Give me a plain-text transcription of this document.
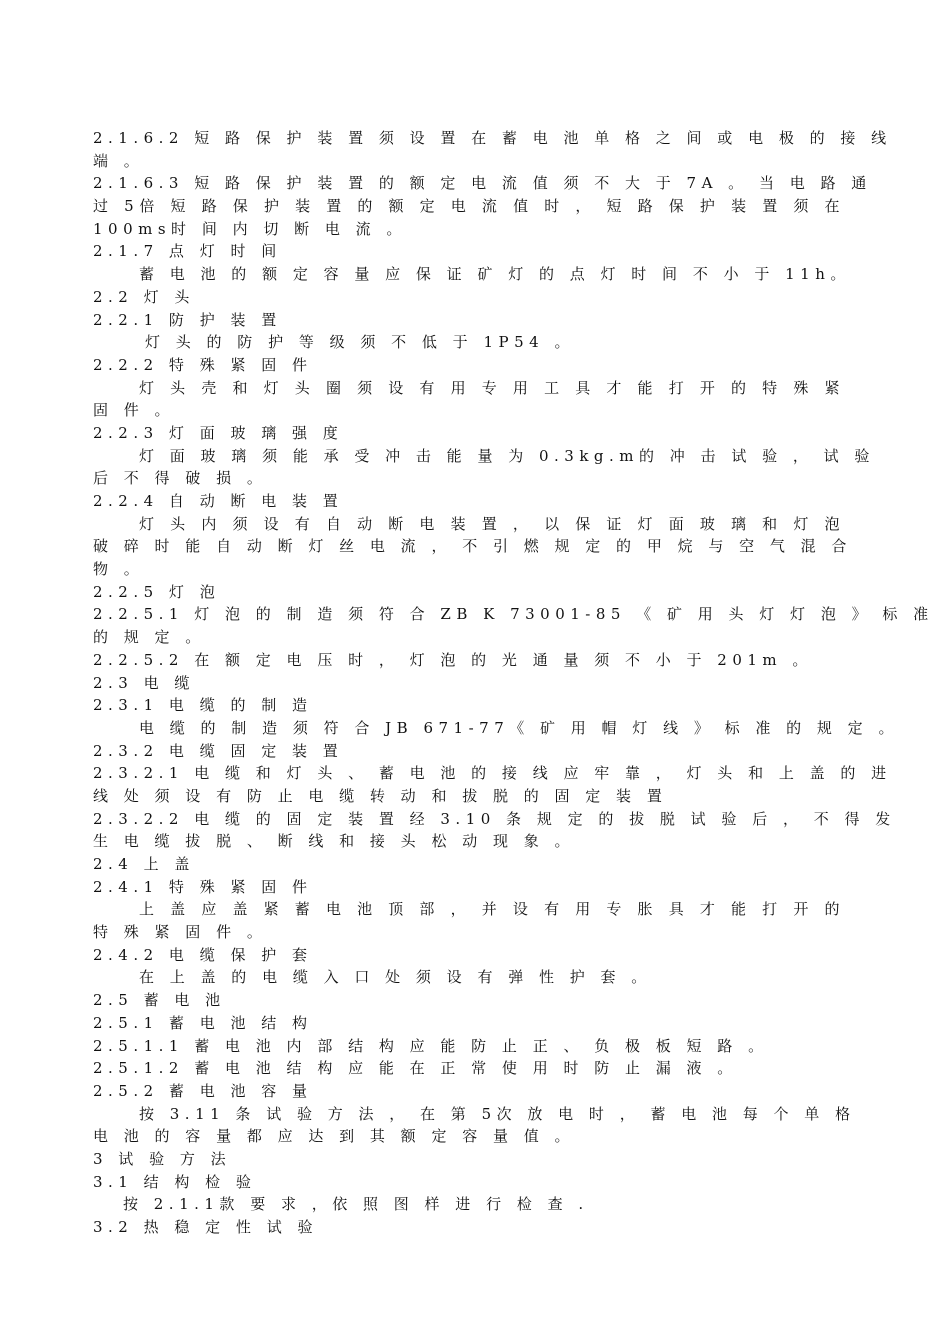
2.1.6.2 短 路 保 护 装 置 须 设 置 在 蓄 电 池 单 格 之 间 或 电 极 的 接 线
端 。
2.1.6.3 短 路 保 护 装 置 的 额 定 电 流 值 须 不 大 于 7A 。 当 电 路 通
过 5倍 短 路 保 护 装 置 的 额 定 电 流 值 时 ， 短 路 保 护 装 置 须 在
100ms时 间 内 切 断 电 流 。
2.1.7 点 灯 时 间
蓄 电 池 的 额 定 容 量 应 保 证 矿 灯 的 点 灯 时 间 不 小 于 11h。
2.2 灯 头
2.2.1 防 护 装 置
灯 头 的 防 护 等 级 须 不 低 于 1P54 。
2.2.2 特 殊 紧 固 件
灯 头 壳 和 灯 头 圈 须 设 有 用 专 用 工 具 才 能 打 开 的 特 殊 紧
固 件 。
2.2.3 灯 面 玻 璃 强 度
灯 面 玻 璃 须 能 承 受 冲 击 能 量 为 0.3kg.m的 冲 击 试 验 ， 试 验
后 不 得 破 损 。
2.2.4 自 动 断 电 装 置
灯 头 内 须 设 有 自 动 断 电 装 置 ， 以 保 证 灯 面 玻 璃 和 灯 泡
破 碎 时 能 自 动 断 灯 丝 电 流 ， 不 引 燃 规 定 的 甲 烷 与 空 气 混 合
物 。
2.2.5 灯 泡
2.2.5.1 灯 泡 的 制 造 须 符 合 ZB K 73001-85 《 矿 用 头 灯 灯 泡 》 标 准
的 规 定 。
2.2.5.2 在 额 定 电 压 时 ， 灯 泡 的 光 通 量 须 不 小 于 201m 。
2.3 电 缆
2.3.1 电 缆 的 制 造
电 缆 的 制 造 须 符 合 JB 671-77《 矿 用 帽 灯 线 》 标 准 的 规 定 。
2.3.2 电 缆 固 定 装 置
2.3.2.1 电 缆 和 灯 头 、 蓄 电 池 的 接 线 应 牢 靠 ， 灯 头 和 上 盖 的 进
线 处 须 设 有 防 止 电 缆 转 动 和 拔 脱 的 固 定 装 置
2.3.2.2 电 缆 的 固 定 装 置 经 3.10 条 规 定 的 拔 脱 试 验 后 ， 不 得 发
生 电 缆 拔 脱 、 断 线 和 接 头 松 动 现 象 。
2.4 上 盖
2.4.1 特 殊 紧 固 件
上 盖 应 盖 紧 蓄 电 池 顶 部 ， 并 设 有 用 专 胀 具 才 能 打 开 的
特 殊 紧 固 件 。
2.4.2 电 缆 保 护 套
在 上 盖 的 电 缆 入 口 处 须 设 有 弹 性 护 套 。
2.5 蓄 电 池
2.5.1 蓄 电 池 结 构
2.5.1.1 蓄 电 池 内 部 结 构 应 能 防 止 正 、 负 极 板 短 路 。
2.5.1.2 蓄 电 池 结 构 应 能 在 正 常 使 用 时 防 止 漏 液 。
2.5.2 蓄 电 池 容 量
按 3.11 条 试 验 方 法 ， 在 第 5次 放 电 时 ， 蓄 电 池 每 个 单 格
电 池 的 容 量 都 应 达 到 其 额 定 容 量 值 。
3 试 验 方 法
3.1 结 构 检 验
按 2.1.1款 要 求 ，依 照 图 样 进 行 检 查 .
3.2 热 稳 定 性 试 验
